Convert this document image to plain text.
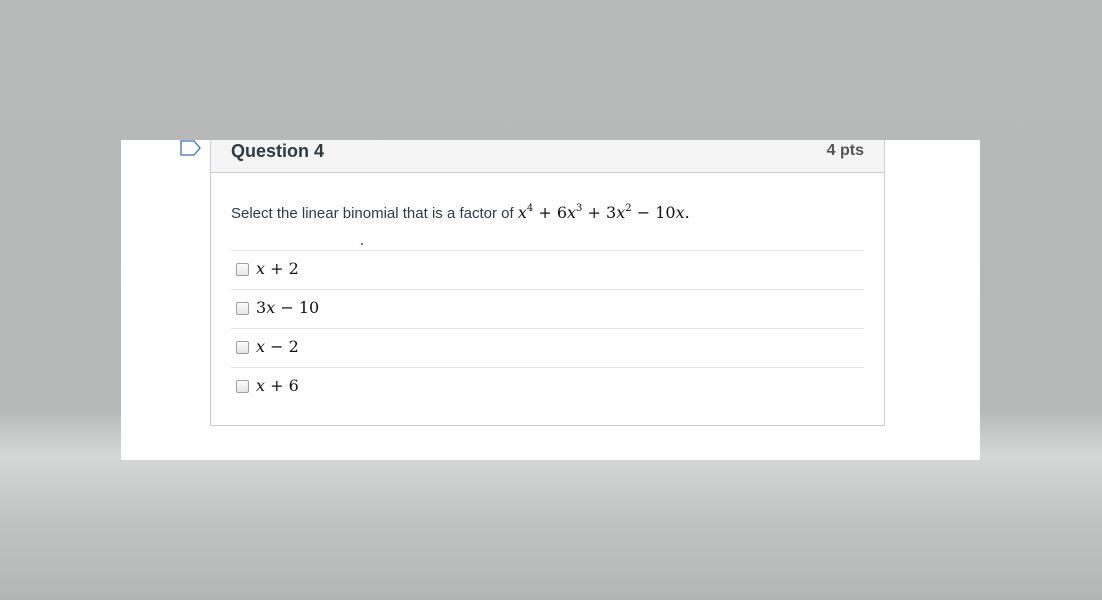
Question 4	4 pts
Select the linear binomial that is a factor of $x^4 + 6x^3 + 3x^2 - 10x$.
x + 2
3x − 10
x − 2
x + 6
